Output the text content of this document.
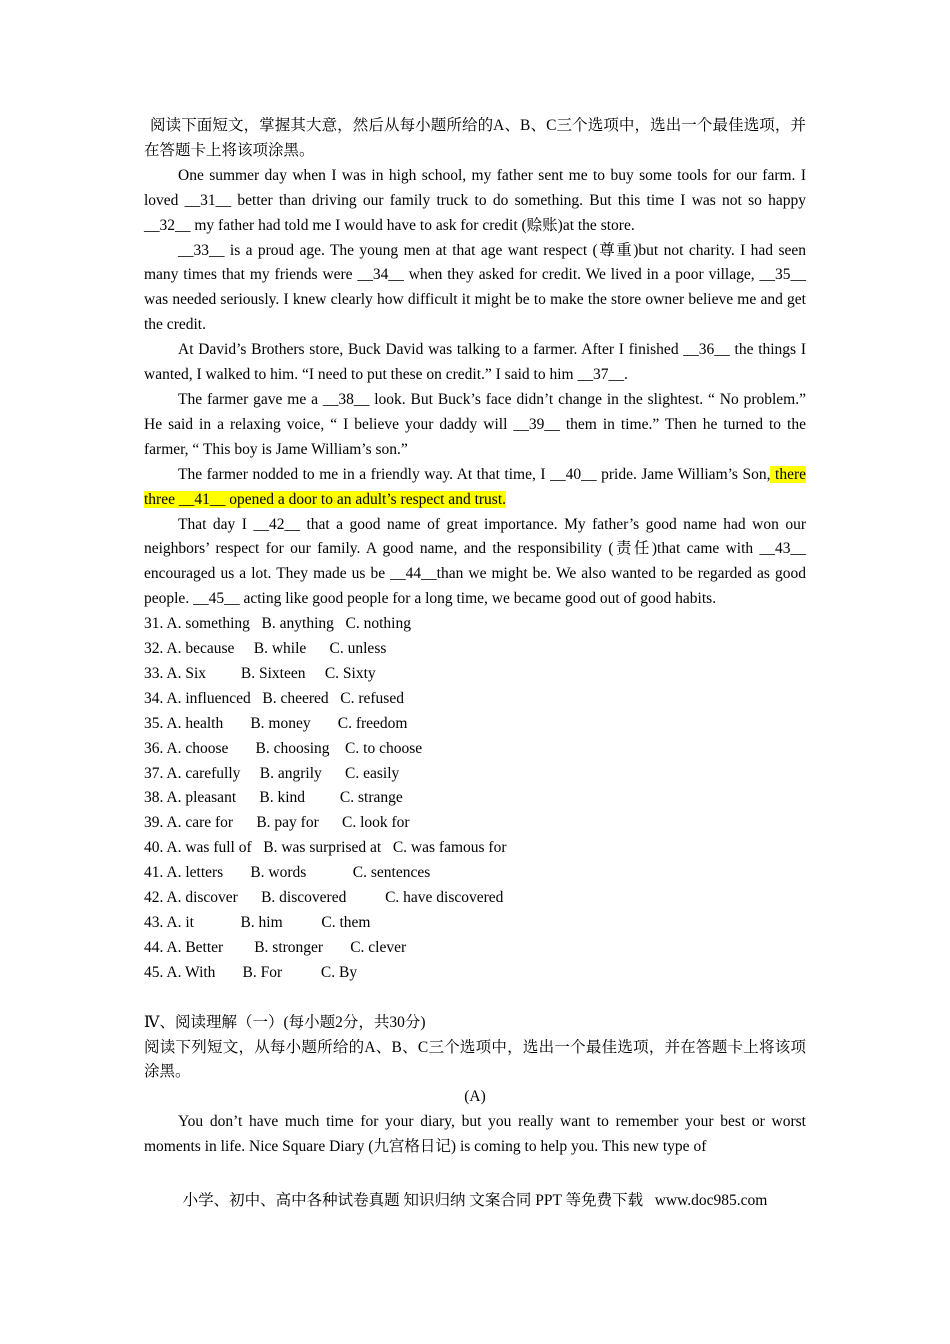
阅读下面短文，掌握其大意，然后从每小题所给的A、B、C三个选项中，选出一个最佳选项，并在答题卡上将该项涂黑。

One summer day when I was in high school, my father sent me to buy some tools for our farm. I loved __31__ better than driving our family truck to do something. But this time I was not so happy __32__ my father had told me I would have to ask for credit (赊账)at the store.

__33__ is a proud age. The young men at that age want respect (尊重)but not charity. I had seen many times that my friends were __34__ when they asked for credit. We lived in a poor village, __35__ was needed seriously. I knew clearly how difficult it might be to make the store owner believe me and get the credit.

At David’s Brothers store, Buck David was talking to a farmer. After I finished __36__ the things I wanted, I walked to him. “I need to put these on credit.” I said to him __37__.

The farmer gave me a __38__ look. But Buck’s face didn’t change in the slightest. “ No problem.” He said in a relaxing voice, “ I believe your daddy will __39__ them in time.” Then he turned to the farmer, “ This boy is Jame William’s son.”

The farmer nodded to me in a friendly way. At that time, I __40__ pride. Jame William’s Son, there three __41__ opened a door to an adult’s respect and trust.

That day I __42__ that a good name of great importance. My father’s good name had won our neighbors’ respect for our family. A good name, and the responsibility (责任)that came with __43__ encouraged us a lot. They made us be __44__than we might be. We also wanted to be regarded as good people. __45__ acting like good people for a long time, we became good out of good habits.

31. A. something   B. anything   C. nothing

32. A. because     B. while      C. unless

33. A. Six         B. Sixteen     C. Sixty

34. A. influenced   B. cheered   C. refused

35. A. health       B. money       C. freedom

36. A. choose       B. choosing    C. to choose

37. A. carefully     B. angrily      C. easily

38. A. pleasant      B. kind         C. strange

39. A. care for      B. pay for      C. look for

40. A. was full of   B. was surprised at   C. was famous for

41. A. letters       B. words            C. sentences

42. A. discover      B. discovered          C. have discovered

43. A. it            B. him          C. them

44. A. Better        B. stronger       C. clever

45. A. With       B. For          C. By

Ⅳ、阅读理解（一）(每小题2分，共30分)

阅读下列短文，从每小题所给的A、B、C三个选项中，选出一个最佳选项，并在答题卡上将该项涂黑。

(A)

You don’t have much time for your diary, but you really want to remember your best or worst moments in life. Nice Square Diary (九宫格日记) is coming to help you. This new type of

小学、初中、高中各种试卷真题 知识归纳 文案合同 PPT 等免费下载   www.doc985.com
